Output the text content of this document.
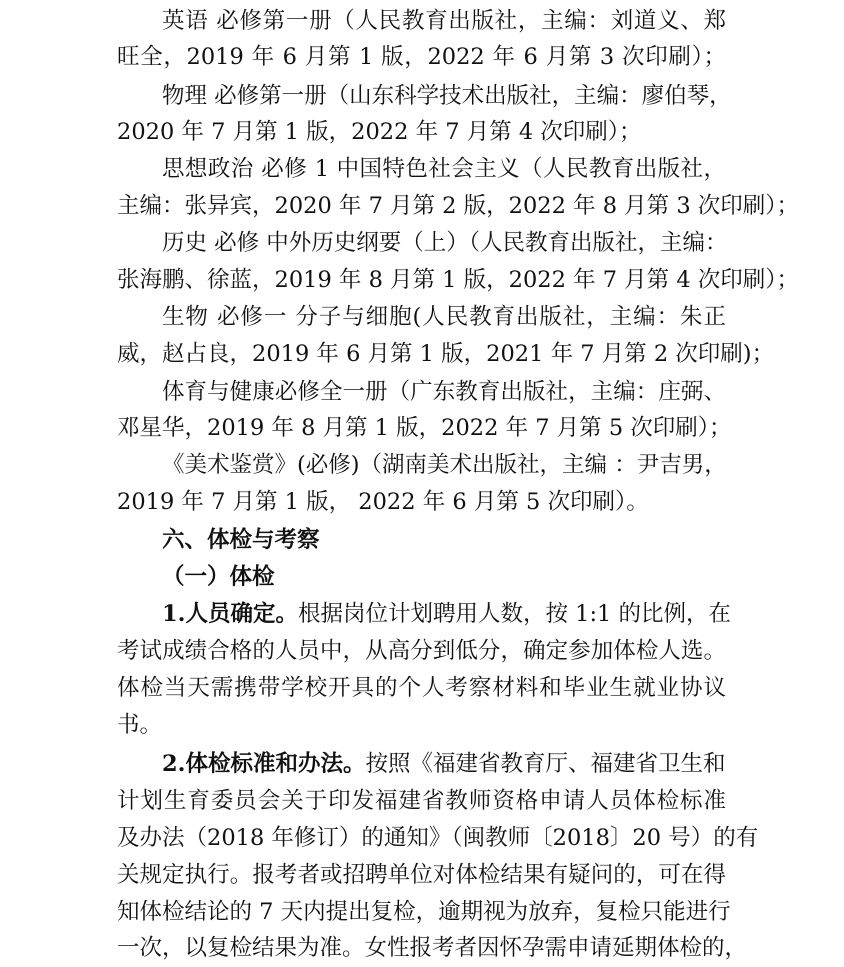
英语 必修第一册（人民教育出版社，主编：刘道义、郑
旺全，2019 年 6 月第 1 版，2022 年 6 月第 3 次印刷）；
物理 必修第一册（山东科学技术出版社，主编：廖伯琴，
2020 年 7 月第 1 版，2022 年 7 月第 4 次印刷）；
思想政治 必修 1 中国特色社会主义（人民教育出版社，
主编：张异宾，2020 年 7 月第 2 版，2022 年 8 月第 3 次印刷）；
历史 必修 中外历史纲要（上）（人民教育出版社，主编：
张海鹏、徐蓝，2019 年 8 月第 1 版，2022 年 7 月第 4 次印刷）；
生物 必修一 分子与细胞(人民教育出版社，主编：朱正
威，赵占良，2019 年 6 月第 1 版，2021 年 7 月第 2 次印刷)；
体育与健康必修全一册（广东教育出版社，主编：庄弼、
邓星华，2019 年 8 月第 1 版，2022 年 7 月第 5 次印刷）；
《美术鉴赏》(必修)（湖南美术出版社，主编 ：尹吉男，
2019 年 7 月第 1 版， 2022 年 6 月第 5 次印刷）。
六、体检与考察
（一）体检
1.人员确定。根据岗位计划聘用人数，按 1:1 的比例，在
考试成绩合格的人员中，从高分到低分，确定参加体检人选。
体检当天需携带学校开具的个人考察材料和毕业生就业协议
书。
2.体检标准和办法。按照《福建省教育厅、福建省卫生和
计划生育委员会关于印发福建省教师资格申请人员体检标准
及办法（2018 年修订）的通知》（闽教师〔2018〕20 号）的有
关规定执行。报考者或招聘单位对体检结果有疑问的，可在得
知体检结论的 7 天内提出复检，逾期视为放弃，复检只能进行
一次，以复检结果为准。女性报考者因怀孕需申请延期体检的，
